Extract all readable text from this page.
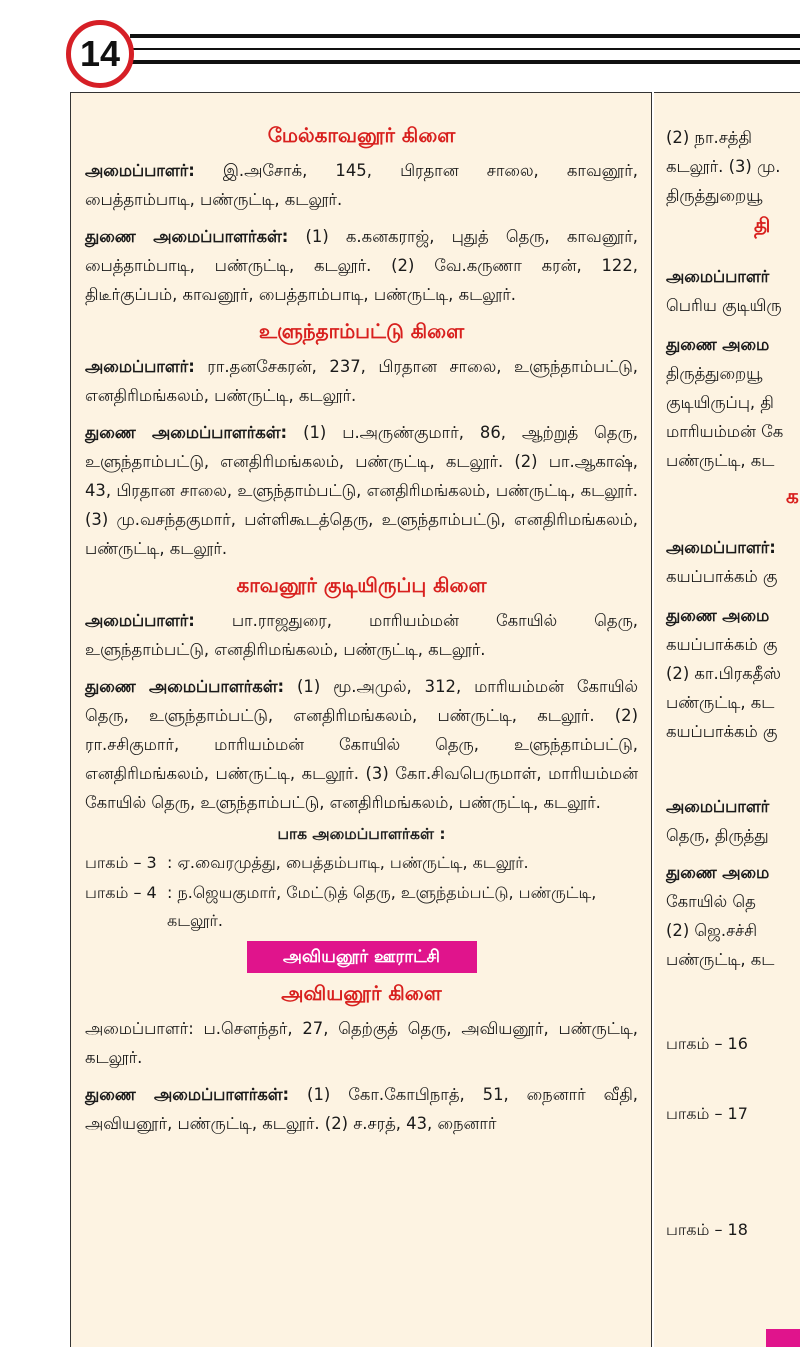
14
மேல்காவனூர் கிளை

அமைப்பாளர்: இ.அசோக், 145, பிரதான சாலை, காவனூர், பைத்தாம்பாடி, பண்ருட்டி, கடலூர்.

துணை அமைப்பாளர்கள்: (1) க.கனகராஜ், புதுத் தெரு, காவனூர், பைத்தாம்பாடி, பண்ருட்டி, கடலூர். (2) வே.கருணா கரன், 122, திடீர்குப்பம், காவனூர், பைத்தாம்பாடி, பண்ருட்டி, கடலூர்.

உளுந்தாம்பட்டு கிளை

அமைப்பாளர்: ரா.தனசேகரன், 237, பிரதான சாலை, உளுந்தாம்பட்டு, எனதிரிமங்கலம், பண்ருட்டி, கடலூர்.

துணை அமைப்பாளர்கள்: (1) ப.அருண்குமார், 86, ஆற்றுத் தெரு, உளுந்தாம்பட்டு, எனதிரிமங்கலம், பண்ருட்டி, கடலூர். (2) பா.ஆகாஷ், 43, பிரதான சாலை, உளுந்தாம்பட்டு, எனதிரிமங்கலம், பண்ருட்டி, கடலூர். (3) மு.வசந்தகுமார், பள்ளிகூடத்தெரு, உளுந்தாம்பட்டு, எனதிரிமங்கலம், பண்ருட்டி, கடலூர்.

காவனூர் குடியிருப்பு கிளை

அமைப்பாளர்: பா.ராஜதுரை, மாரியம்மன் கோயில் தெரு, உளுந்தாம்பட்டு, எனதிரிமங்கலம், பண்ருட்டி, கடலூர்.

துணை அமைப்பாளர்கள்: (1) மூ.அமுல், 312, மாரியம்மன் கோயில் தெரு, உளுந்தாம்பட்டு, எனதிரிமங்கலம், பண்ருட்டி, கடலூர். (2) ரா.சசிகுமார், மாரியம்மன் கோயில் தெரு, உளுந்தாம்பட்டு, எனதிரிமங்கலம், பண்ருட்டி, கடலூர். (3) கோ.சிவபெருமாள், மாரியம்மன் கோயில் தெரு, உளுந்தாம்பட்டு, எனதிரிமங்கலம், பண்ருட்டி, கடலூர்.

பாக அமைப்பாளர்கள் :
பாகம் – 3 : ஏ.வைரமுத்து, பைத்தம்பாடி, பண்ருட்டி, கடலூர்.
பாகம் – 4 : ந.ஜெயகுமார், மேட்டுத் தெரு, உளுந்தம்பட்டு, பண்ருட்டி, கடலூர்.
அவியனூர் ஊராட்சி
அவியனூர் கிளை

அமைப்பாளர்: ப.சௌந்தர், 27, தெற்குத் தெரு, அவியனூர், பண்ருட்டி, கடலூர்.

துணை அமைப்பாளர்கள்: (1) கோ.கோபிநாத், 51, நைனார் வீதி, அவியனூர், பண்ருட்டி, கடலூர். (2) ச.சரத், 43, நைனார்

(2) நா.சத்தி
கடலூர். (3) மு.
திருத்துறையூ
தி
அமைப்பாளர்
பெரிய குடியிரு
துணை அமை
திருத்துறையூ
குடியிருப்பு, தி
மாரியம்மன் கே
பண்ருட்டி, கட
க
அமைப்பாளர்:
கயப்பாக்கம் கு
துணை அமை
கயப்பாக்கம் கு
(2) கா.பிரகதீஸ்
பண்ருட்டி, கட
கயப்பாக்கம் கு
அமைப்பாளர்
தெரு, திருத்து
துணை அமை
கோயில் தெ
(2) ஜெ.சச்சி
பண்ருட்டி, கட
பாகம் – 16
பாகம் – 17
பாகம் – 18
